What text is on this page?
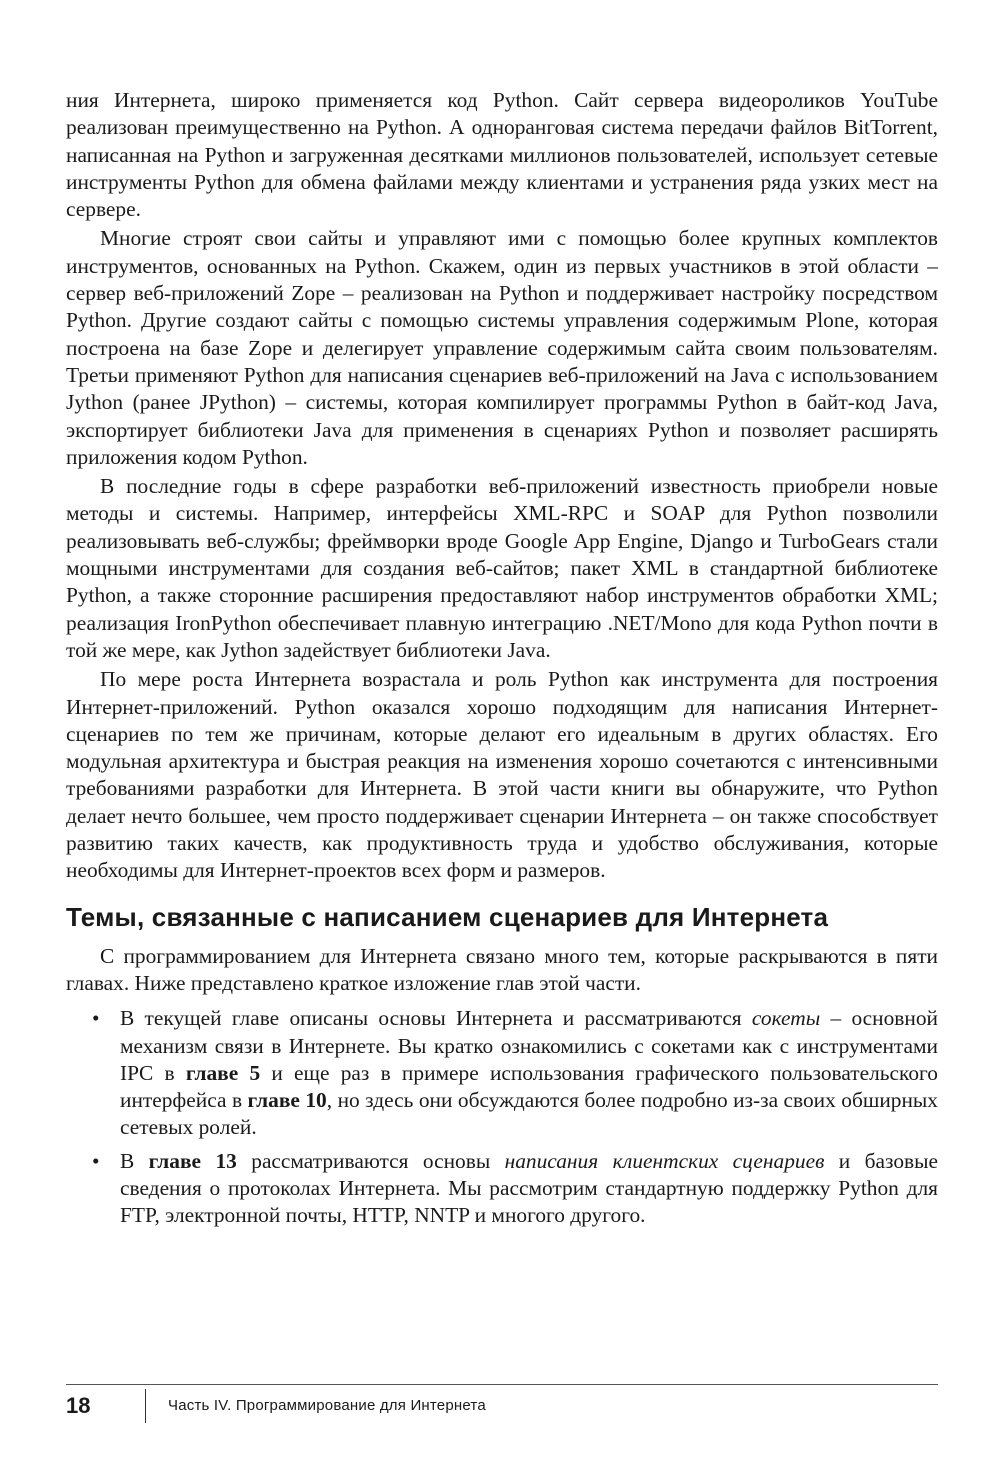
ния Интернета, широко применяется код Python. Сайт сервера видеороликов YouTube реализован преимущественно на Python. А одноранговая система передачи файлов BitTorrent, написанная на Python и загруженная десятками миллионов пользователей, использует сетевые инструменты Python для обмена файлами между клиентами и устранения ряда узких мест на сервере.

Многие строят свои сайты и управляют ими с помощью более крупных комплектов инструментов, основанных на Python. Скажем, один из первых участников в этой области – сервер веб-приложений Zope – реализован на Python и поддерживает настройку посредством Python. Другие создают сайты с помощью системы управления содержимым Plone, которая построена на базе Zope и делегирует управление содержимым сайта своим пользователям. Третьи применяют Python для написания сценариев веб-приложений на Java с использованием Jython (ранее JPython) – системы, которая компилирует программы Python в байт-код Java, экспортирует библиотеки Java для применения в сценариях Python и позволяет расширять приложения кодом Python.

В последние годы в сфере разработки веб-приложений известность приобрели новые методы и системы. Например, интерфейсы XML-RPC и SOAP для Python позволили реализовывать веб-службы; фреймворки вроде Google App Engine, Django и TurboGears стали мощными инструментами для создания веб-сайтов; пакет XML в стандартной библиотеке Python, а также сторонние расширения предоставляют набор инструментов обработки XML; реализация IronPython обеспечивает плавную интеграцию .NET/Mono для кода Python почти в той же мере, как Jython задействует библиотеки Java.

По мере роста Интернета возрастала и роль Python как инструмента для построения Интернет-приложений. Python оказался хорошо подходящим для написания Интернет-сценариев по тем же причинам, которые делают его идеальным в других областях. Его модульная архитектура и быстрая реакция на изменения хорошо сочетаются с интенсивными требованиями разработки для Интернета. В этой части книги вы обнаружите, что Python делает нечто большее, чем просто поддерживает сценарии Интернета – он также способствует развитию таких качеств, как продуктивность труда и удобство обслуживания, которые необходимы для Интернет-проектов всех форм и размеров.

Темы, связанные с написанием сценариев для Интернета

С программированием для Интернета связано много тем, которые раскрываются в пяти главах. Ниже представлено краткое изложение глав этой части.

• В текущей главе описаны основы Интернета и рассматриваются сокеты – основной механизм связи в Интернете. Вы кратко ознакомились с сокетами как с инструментами IPC в главе 5 и еще раз в примере использования графического пользовательского интерфейса в главе 10, но здесь они обсуждаются более подробно из-за своих обширных сетевых ролей.
• В главе 13 рассматриваются основы написания клиентских сценариев и базовые сведения о протоколах Интернета. Мы рассмотрим стандартную поддержку Python для FTP, электронной почты, HTTP, NNTP и многого другого.
18	Часть IV. Программирование для Интернета
